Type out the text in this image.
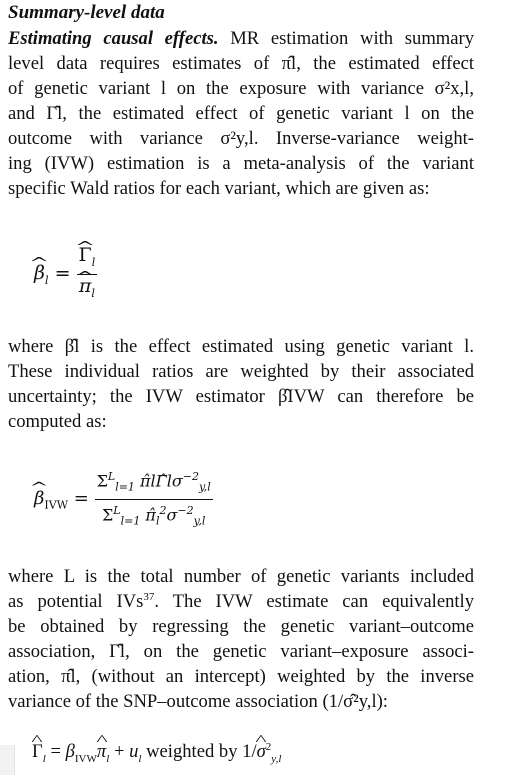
Summary-level data
Estimating causal effects. MR estimation with summary
level data requires estimates of π̂l, the estimated effect
of genetic variant l on the exposure with variance σ²x,l,
and Γ̂l, the estimated effect of genetic variant l on the
outcome with variance σ²y,l. Inverse-variance weight-
ing (IVW) estimation is a meta-analysis of the variant
specific Wald ratios for each variant, which are given as:
^ $\beta_l$ =
^ $\Gamma_l$
^ $\pi_l$
where β̂l is the effect estimated using genetic variant l.
These individual ratios are weighted by their associated
uncertainty; the IVW estimator β̂IVW can therefore be
computed as:
^ $\beta_{IVW} = \frac{\Sigma^L_{l=1} \pîl\Gammâl\sigma^{-2}_{y,l}}{\Sigma^L_{l=1} \pî_l^2\sigma^{-2}_{y,l}}$
where L is the total number of genetic variants included
as potential IVs$^{37}$. The IVW estimate can equivalently
be obtained by regressing the genetic variant–outcome
association, Γ̂l, on the genetic variant–exposure associ-
ation, π̂l, (without an intercept) weighted by the inverse
variance of the SNP–outcome association (1/σ̂²y,l):
^ $\Gamma_l$ = $\beta_{IVW}\^{}$ $\pi_l + u_l$ weighted by 1/^ $\sigma^2_{y,l}$
